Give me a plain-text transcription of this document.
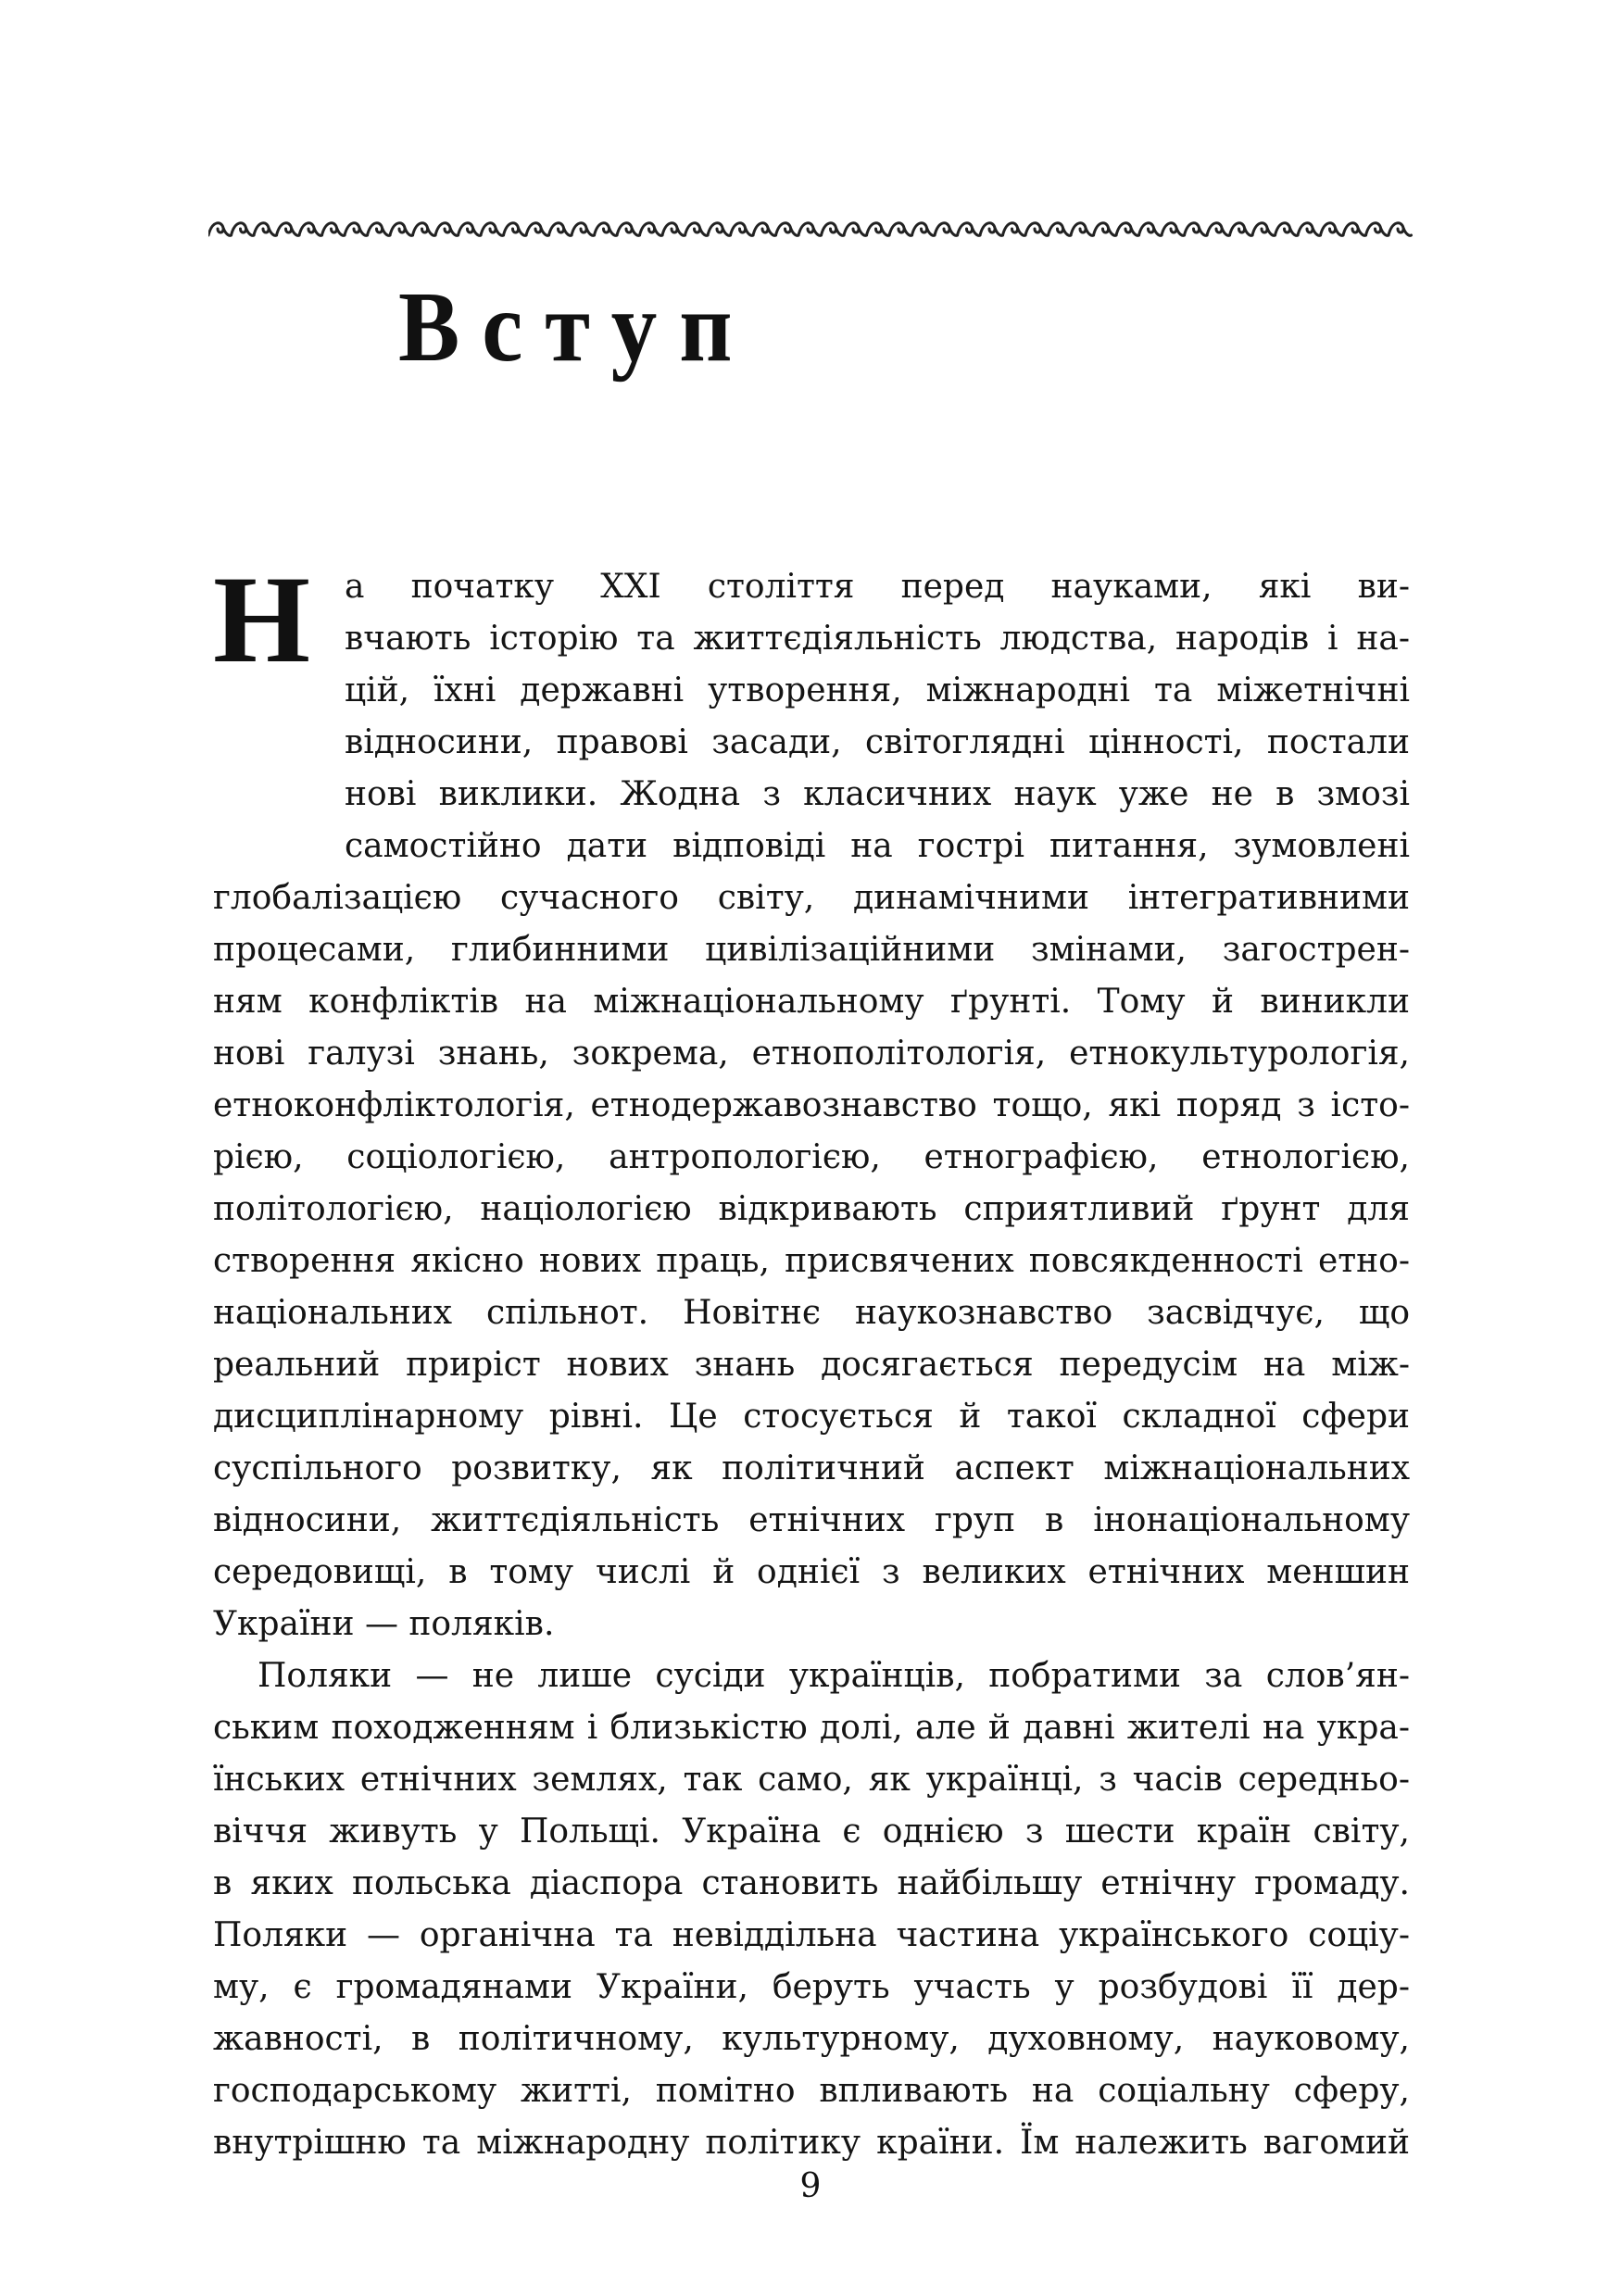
Вступ
Н а початку XXI століття перед науками, які ви-
вчають історію та життєдіяльність людства, народів і на-
цій, їхні державні утворення, міжнародні та міжетнічні
відносини, правові засади, світоглядні цінності, постали
нові виклики. Жодна з класичних наук уже не в змозі
самостійно дати відповіді на гострі питання, зумовлені
глобалізацією сучасного світу, динамічними інтегративними
процесами, глибинними цивілізаційними змінами, загострен-
ням конфліктів на міжнаціональному ґрунті. Тому й виникли
нові галузі знань, зокрема, етнополітологія, етнокультурологія,
етноконфліктологія, етнодержавознавство тощо, які поряд з істо-
рією, соціологією, антропологією, етнографією, етнологією,
політологією, націологією відкривають сприятливий ґрунт для
створення якісно нових праць, присвячених повсякденності етно-
національних спільнот. Новітнє наукознавство засвідчує, що
реальний приріст нових знань досягається передусім на між-
дисциплінарному рівні. Це стосується й такої складної сфери
суспільного розвитку, як політичний аспект міжнаціональних
відносини, життєдіяльність етнічних груп в інонаціональному
середовищі, в тому числі й однієї з великих етнічних меншин
України — поляків.
Поляки — не лише сусіди українців, побратими за слов’ян-
ським походженням і близькістю долі, але й давні жителі на укра-
їнських етнічних землях, так само, як українці, з часів середньо-
віччя живуть у Польщі. Україна є однією з шести країн світу,
в яких польська діаспора становить найбільшу етнічну громаду.
Поляки — органічна та невіддільна частина українського соціу-
му, є громадянами України, беруть участь у розбудові її дер-
жавності, в політичному, культурному, духовному, науковому,
господарському житті, помітно впливають на соціальну сферу,
внутрішню та міжнародну політику країни. Їм належить вагомий
9
